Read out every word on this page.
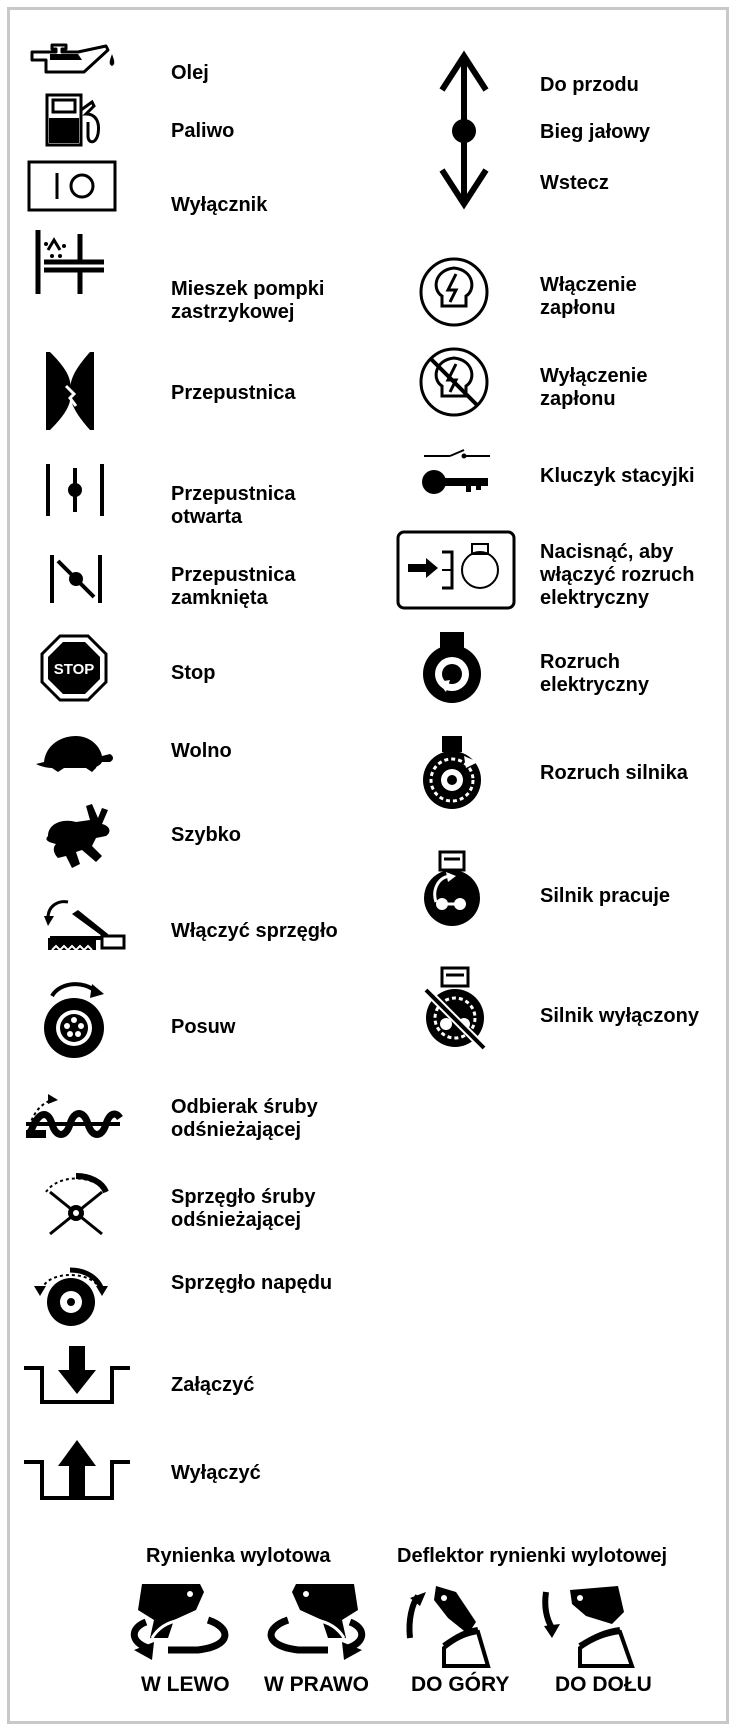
STOP
Olej
Paliwo
Wyłącznik
Mieszek pompki
zastrzykowej
Przepustnica
Przepustnica
otwarta
Przepustnica
zamknięta
Stop
Wolno
Szybko
Włączyć sprzęgło
Posuw
Odbierak śruby
odśnieżającej
Sprzęgło śruby
odśnieżającej
Sprzęgło napędu
Załączyć
Wyłączyć
Do przodu
Bieg jałowy
Wstecz
Włączenie
zapłonu
Wyłączenie
zapłonu
Kluczyk stacyjki
Nacisnąć, aby
włączyć rozruch
elektryczny
Rozruch
elektryczny
Rozruch silnika
Silnik pracuje
Silnik wyłączony
Rynienka wylotowa	Deflektor rynienki wylotowej
W LEWO W PRAWO DO GÓRY DO DOŁU
